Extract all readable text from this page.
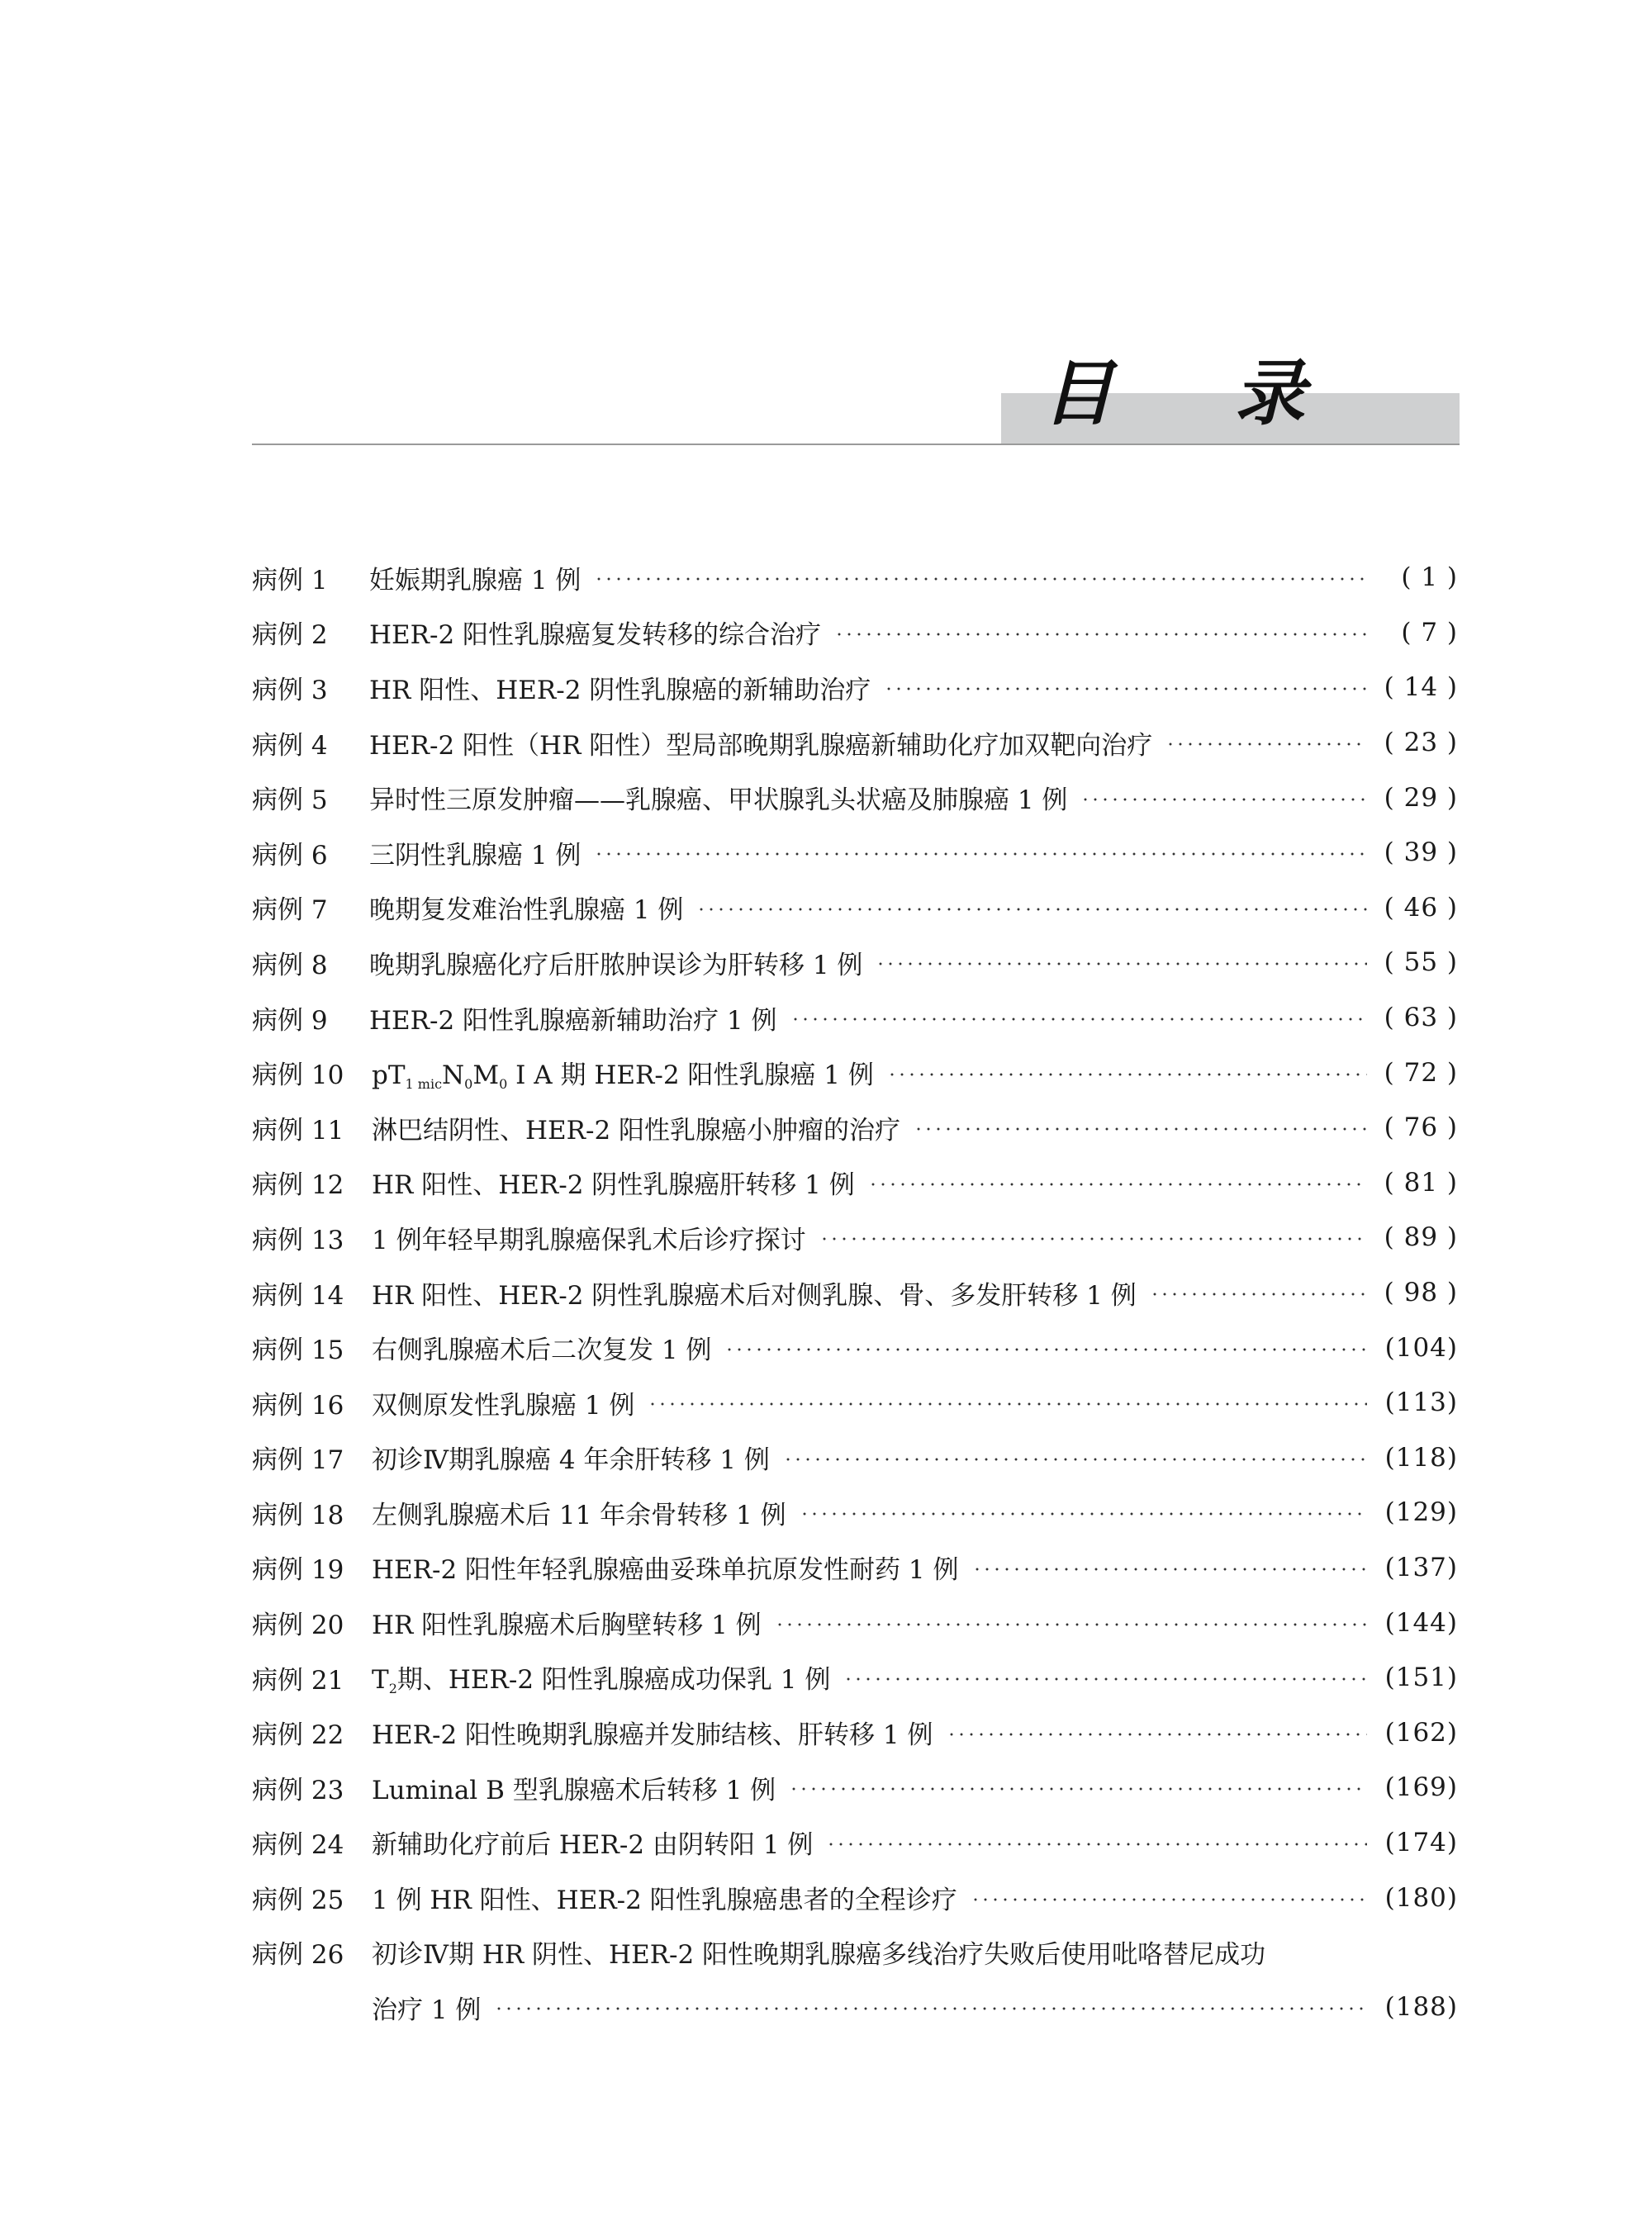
目 录
病例 1	妊娠期乳腺癌 1 例	( 1 )
病例 2	HER-2 阳性乳腺癌复发转移的综合治疗	( 7 )
病例 3	HR 阳性、HER-2 阴性乳腺癌的新辅助治疗	( 14 )
病例 4	HER-2 阳性（HR 阳性）型局部晚期乳腺癌新辅助化疗加双靶向治疗	( 23 )
病例 5	异时性三原发肿瘤——乳腺癌、甲状腺乳头状癌及肺腺癌 1 例	( 29 )
病例 6	三阴性乳腺癌 1 例	( 39 )
病例 7	晚期复发难治性乳腺癌 1 例	( 46 )
病例 8	晚期乳腺癌化疗后肝脓肿误诊为肝转移 1 例	( 55 )
病例 9	HER-2 阳性乳腺癌新辅助治疗 1 例	( 63 )
病例 10	$pT_{1 mic}N_0M_0$ Ⅰ A 期 HER-2 阳性乳腺癌 1 例	( 72 )
病例 11	淋巴结阴性、HER-2 阳性乳腺癌小肿瘤的治疗	( 76 )
病例 12	HR 阳性、HER-2 阴性乳腺癌肝转移 1 例	( 81 )
病例 13	1 例年轻早期乳腺癌保乳术后诊疗探讨	( 89 )
病例 14	HR 阳性、HER-2 阴性乳腺癌术后对侧乳腺、骨、多发肝转移 1 例	( 98 )
病例 15	右侧乳腺癌术后二次复发 1 例	(104)
病例 16	双侧原发性乳腺癌 1 例	(113)
病例 17	初诊Ⅳ期乳腺癌 4 年余肝转移 1 例	(118)
病例 18	左侧乳腺癌术后 11 年余骨转移 1 例	(129)
病例 19	HER-2 阳性年轻乳腺癌曲妥珠单抗原发性耐药 1 例	(137)
病例 20	HR 阳性乳腺癌术后胸壁转移 1 例	(144)
病例 21	$T_2$期、HER-2 阳性乳腺癌成功保乳 1 例	(151)
病例 22	HER-2 阳性晚期乳腺癌并发肺结核、肝转移 1 例	(162)
病例 23	Luminal B 型乳腺癌术后转移 1 例	(169)
病例 24	新辅助化疗前后 HER-2 由阴转阳 1 例	(174)
病例 25	1 例 HR 阳性、HER-2 阳性乳腺癌患者的全程诊疗	(180)
病例 26	初诊Ⅳ期 HR 阴性、HER-2 阳性晚期乳腺癌多线治疗失败后使用吡咯替尼成功
治疗 1 例	(188)
